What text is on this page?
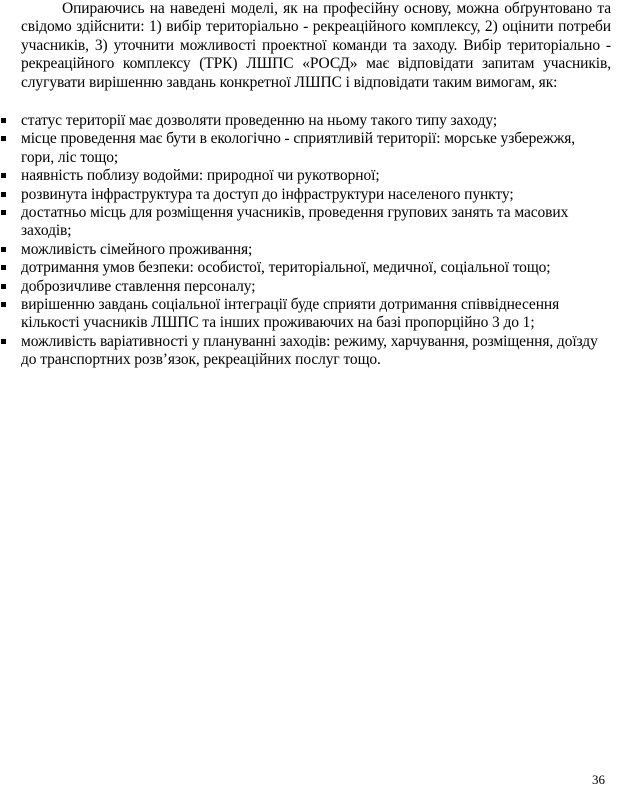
Опираючись на наведені моделі, як на професійну основу, можна обґрунтовано та свідомо здійснити: 1) вибір територіально - рекреаційного комплексу, 2) оцінити потреби учасників, 3) уточнити можливості проектної команди та заходу. Вибір територіально - рекреаційного комплексу (ТРК) ЛШПС «РОСД» має відповідати запитам учасників, слугувати вирішенню завдань конкретної ЛШПС і відповідати таким вимогам, як:

статус території має дозволяти проведенню на ньому такого типу заходу;
місце проведення має бути в екологічно - сприятливій території: морське узбережжя, гори, ліс тощо;
наявність поблизу водойми: природної чи рукотворної;
розвинута інфраструктура та доступ до інфраструктури населеного пункту;
достатньо місць для розміщення учасників, проведення групових занять та масових заходів;
можливість сімейного проживання;
дотримання умов безпеки: особистої, територіальної, медичної, соціальної тощо;
доброзичливе ставлення персоналу;
вирішенню завдань соціальної інтеграції буде сприяти дотримання співвіднесення кількості учасників ЛШПС та інших проживаючих на базі пропорційно 3 до 1;
можливість варіативності у плануванні заходів: режиму, харчування, розміщення, доїзду до транспортних розв’язок, рекреаційних послуг тощо.
36
